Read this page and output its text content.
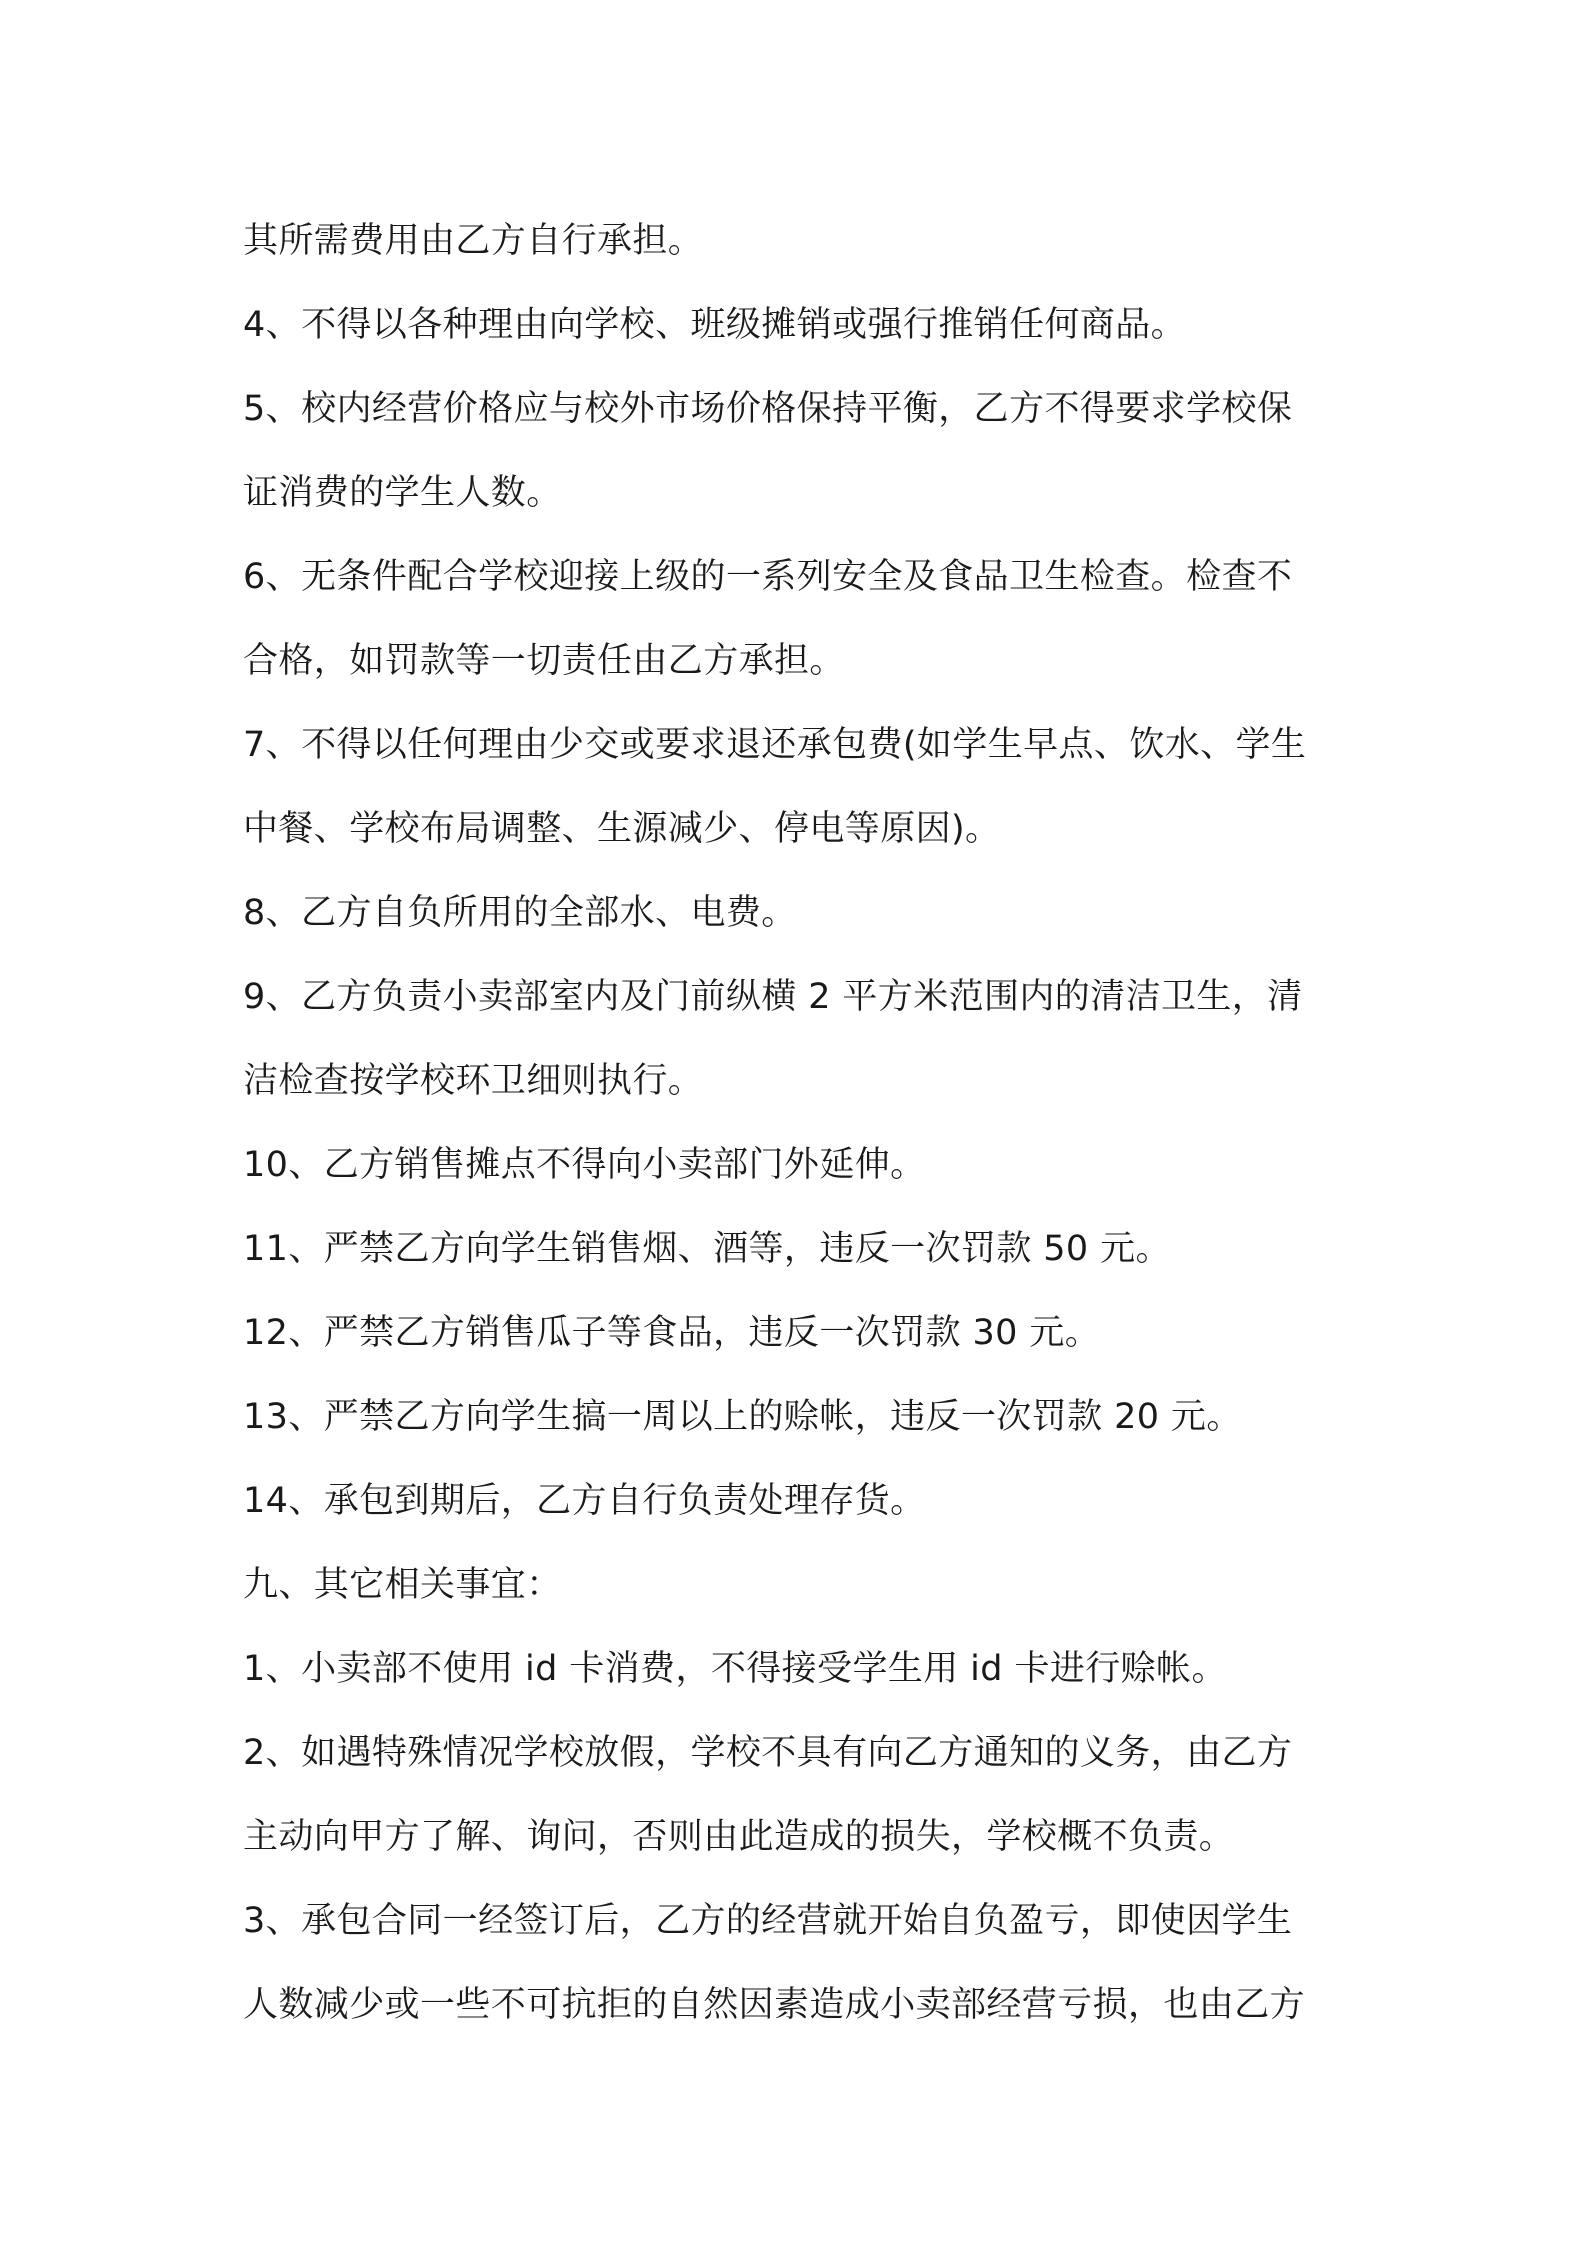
其所需费用由乙方自行承担。
4、不得以各种理由向学校、班级摊销或强行推销任何商品。
5、校内经营价格应与校外市场价格保持平衡，乙方不得要求学校保
证消费的学生人数。
6、无条件配合学校迎接上级的一系列安全及食品卫生检查。检查不
合格，如罚款等一切责任由乙方承担。
7、不得以任何理由少交或要求退还承包费(如学生早点、饮水、学生
中餐、学校布局调整、生源减少、停电等原因)。
8、乙方自负所用的全部水、电费。
9、乙方负责小卖部室内及门前纵横 2 平方米范围内的清洁卫生，清
洁检查按学校环卫细则执行。
10、乙方销售摊点不得向小卖部门外延伸。
11、严禁乙方向学生销售烟、酒等，违反一次罚款 50 元。
12、严禁乙方销售瓜子等食品，违反一次罚款 30 元。
13、严禁乙方向学生搞一周以上的赊帐，违反一次罚款 20 元。
14、承包到期后，乙方自行负责处理存货。
九、其它相关事宜：
1、小卖部不使用 id 卡消费，不得接受学生用 id 卡进行赊帐。
2、如遇特殊情况学校放假，学校不具有向乙方通知的义务，由乙方
主动向甲方了解、询问，否则由此造成的损失，学校概不负责。
3、承包合同一经签订后，乙方的经营就开始自负盈亏，即使因学生
人数减少或一些不可抗拒的自然因素造成小卖部经营亏损，也由乙方
